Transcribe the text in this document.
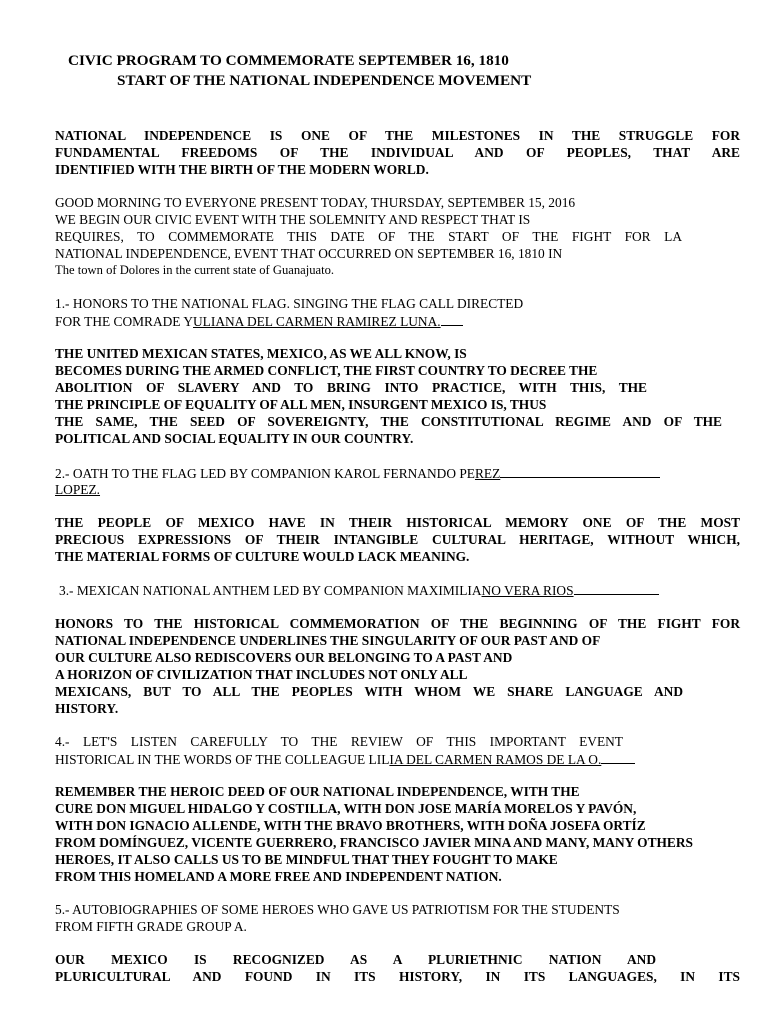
CIVIC PROGRAM TO COMMEMORATE SEPTEMBER 16, 1810
START OF THE NATIONAL INDEPENDENCE MOVEMENT
NATIONAL INDEPENDENCE IS ONE OF THE MILESTONES IN THE STRUGGLE FOR
FUNDAMENTAL FREEDOMS OF THE INDIVIDUAL AND OF PEOPLES, THAT ARE
IDENTIFIED WITH THE BIRTH OF THE MODERN WORLD.
GOOD MORNING TO EVERYONE PRESENT TODAY, THURSDAY, SEPTEMBER 15, 2016
WE BEGIN OUR CIVIC EVENT WITH THE SOLEMNITY AND RESPECT THAT IS
REQUIRES, TO COMMEMORATE THIS DATE OF THE START OF THE FIGHT FOR LA
NATIONAL INDEPENDENCE, EVENT THAT OCCURRED ON SEPTEMBER 16, 1810 IN
The town of Dolores in the current state of Guanajuato.
1.- HONORS TO THE NATIONAL FLAG. SINGING THE FLAG CALL DIRECTED
FOR THE COMRADE YULIANA DEL CARMEN RAMIREZ LUNA.
THE UNITED MEXICAN STATES, MEXICO, AS WE ALL KNOW, IS
BECOMES DURING THE ARMED CONFLICT, THE FIRST COUNTRY TO DECREE THE
ABOLITION OF SLAVERY AND TO BRING INTO PRACTICE, WITH THIS, THE
THE PRINCIPLE OF EQUALITY OF ALL MEN, INSURGENT MEXICO IS, THUS
THE SAME, THE SEED OF SOVEREIGNTY, THE CONSTITUTIONAL REGIME AND OF THE
POLITICAL AND SOCIAL EQUALITY IN OUR COUNTRY.
2.- OATH TO THE FLAG LED BY COMPANION KAROL FERNANDO PEREZ
LOPEZ.
THE PEOPLE OF MEXICO HAVE IN THEIR HISTORICAL MEMORY ONE OF THE MOST
PRECIOUS EXPRESSIONS OF THEIR INTANGIBLE CULTURAL HERITAGE, WITHOUT WHICH,
THE MATERIAL FORMS OF CULTURE WOULD LACK MEANING.
3.- MEXICAN NATIONAL ANTHEM LED BY COMPANION MAXIMILIANO VERA RIOS
HONORS TO THE HISTORICAL COMMEMORATION OF THE BEGINNING OF THE FIGHT FOR
NATIONAL INDEPENDENCE UNDERLINES THE SINGULARITY OF OUR PAST AND OF
OUR CULTURE ALSO REDISCOVERS OUR BELONGING TO A PAST AND
A HORIZON OF CIVILIZATION THAT INCLUDES NOT ONLY ALL
MEXICANS, BUT TO ALL THE PEOPLES WITH WHOM WE SHARE LANGUAGE AND
HISTORY.
4.- LET'S LISTEN CAREFULLY TO THE REVIEW OF THIS IMPORTANT EVENT
HISTORICAL IN THE WORDS OF THE COLLEAGUE LILIA DEL CARMEN RAMOS DE LA O.
REMEMBER THE HEROIC DEED OF OUR NATIONAL INDEPENDENCE, WITH THE
CURE DON MIGUEL HIDALGO Y COSTILLA, WITH DON JOSE MARÍA MORELOS Y PAVÓN,
WITH DON IGNACIO ALLENDE, WITH THE BRAVO BROTHERS, WITH DOÑA JOSEFA ORTÍZ
FROM DOMÍNGUEZ, VICENTE GUERRERO, FRANCISCO JAVIER MINA AND MANY, MANY OTHERS
HEROES, IT ALSO CALLS US TO BE MINDFUL THAT THEY FOUGHT TO MAKE
FROM THIS HOMELAND A MORE FREE AND INDEPENDENT NATION.
5.- AUTOBIOGRAPHIES OF SOME HEROES WHO GAVE US PATRIOTISM FOR THE STUDENTS
FROM FIFTH GRADE GROUP A.
OUR MEXICO IS RECOGNIZED AS A PLURIETHNIC NATION AND
PLURICULTURAL AND FOUND IN ITS HISTORY, IN ITS LANGUAGES, IN ITS
